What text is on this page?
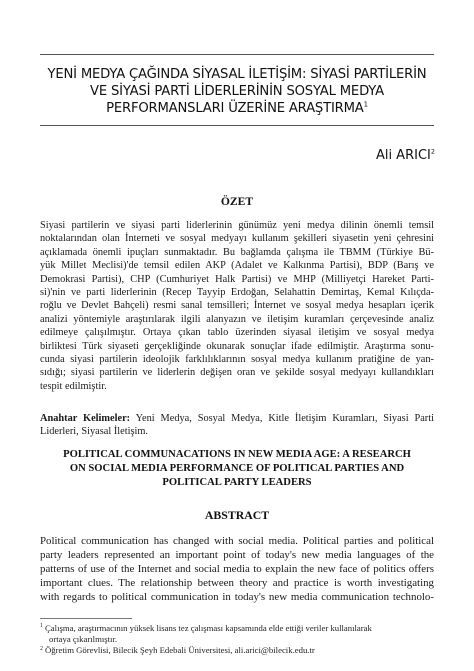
YENİ MEDYA ÇAĞINDA SİYASAL İLETİŞİM: SİYASİ PARTİLERİN
VE SİYASİ PARTİ LİDERLERİNİN SOSYAL MEDYA
PERFORMANSLARI ÜZERİNE ARAŞTIRMA$^1$
Ali ARICI$^2$
ÖZET
Siyasi partilerin ve siyasi parti liderlerinin günümüz yeni medya dilinin önemli temsil
noktalarından olan İnterneti ve sosyal medyayı kullanım şekilleri siyasetin yeni çehresini
açıklamada önemli ipuçları sunmaktadır. Bu bağlamda çalışma ile TBMM (Türkiye Bü-
yük Millet Meclisi)'de temsil edilen AKP (Adalet ve Kalkınma Partisi), BDP (Barış ve
Demokrasi Partisi), CHP (Cumhuriyet Halk Partisi) ve MHP (Milliyetçi Hareket Parti-
si)'nin ve parti liderlerinin (Recep Tayyip Erdoğan, Selahattin Demirtaş, Kemal Kılıçda-
roğlu ve Devlet Bahçeli) resmi sanal temsilleri; İnternet ve sosyal medya hesapları içerik
analizi yöntemiyle araştırılarak ilgili alanyazın ve iletişim kuramları çerçevesinde analiz
edilmeye çalışılmıştır. Ortaya çıkan tablo üzerinden siyasal iletişim ve sosyal medya
birliktesi Türk siyaseti gerçekliğinde okunarak sonuçlar ifade edilmiştir. Araştırma sonu-
cunda siyasi partilerin ideolojik farklılıklarının sosyal medya kullanım pratiğine de yan-
sıdığı; siyasi partilerin ve liderlerin değişen oran ve şekilde sosyal medyayı kullandıkları
tespit edilmiştir.
Anahtar Kelimeler: Yeni Medya, Sosyal Medya, Kitle İletişim Kuramları, Siyasi Parti
Liderleri, Siyasal İletişim.
POLITICAL COMMUNACATIONS IN NEW MEDIA AGE: A RESEARCH
ON SOCIAL MEDIA PERFORMANCE OF POLITICAL PARTIES AND
POLITICAL PARTY LEADERS
ABSTRACT
Political communication has changed with social media. Political parties and political
party leaders represented an important point of today's new media languages of the
patterns of use of the Internet and social media to explain the new face of politics offers
important clues. The relationship between theory and practice is worth investigating
with regards to political communication in today's new media communication technolo-
$^1$ Çalışma, araştırmacının yüksek lisans tez çalışması kapsamında elde ettiği veriler kullanılarak
ortaya çıkarılmıştır.
$^2$ Öğretim Görevlisi, Bilecik Şeyh Edebali Üniversitesi, ali.arici@bilecik.edu.tr
